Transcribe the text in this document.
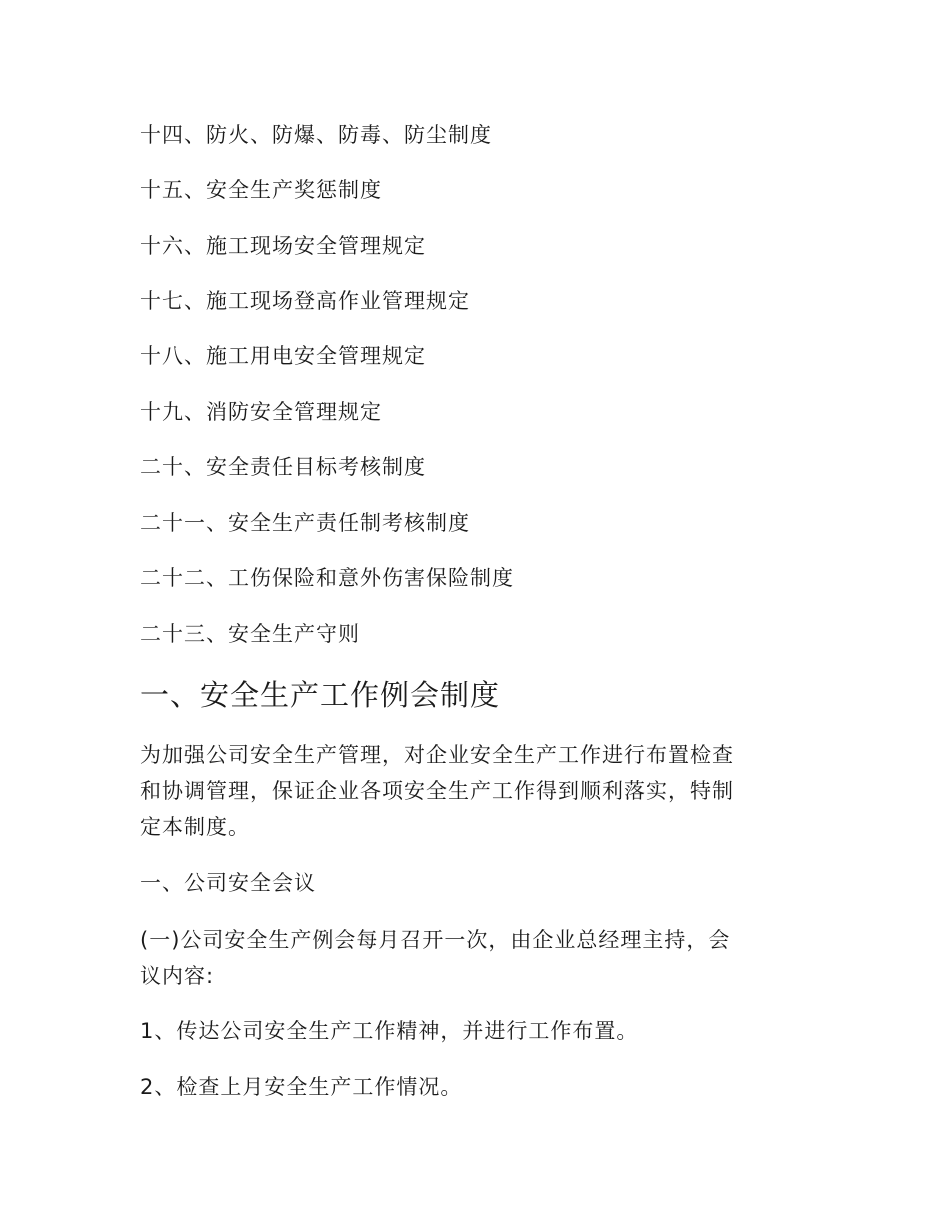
十四、防火、防爆、防毒、防尘制度
十五、安全生产奖惩制度
十六、施工现场安全管理规定
十七、施工现场登高作业管理规定
十八、施工用电安全管理规定
十九、消防安全管理规定
二十、安全责任目标考核制度
二十一、安全生产责任制考核制度
二十二、工伤保险和意外伤害保险制度
二十三、安全生产守则
一、安全生产工作例会制度
为加强公司安全生产管理，对企业安全生产工作进行布置检查
和协调管理，保证企业各项安全生产工作得到顺利落实，特制
定本制度。
一、公司安全会议
(一)公司安全生产例会每月召开一次，由企业总经理主持，会
议内容:
1、传达公司安全生产工作精神，并进行工作布置。
2、检查上月安全生产工作情况。
